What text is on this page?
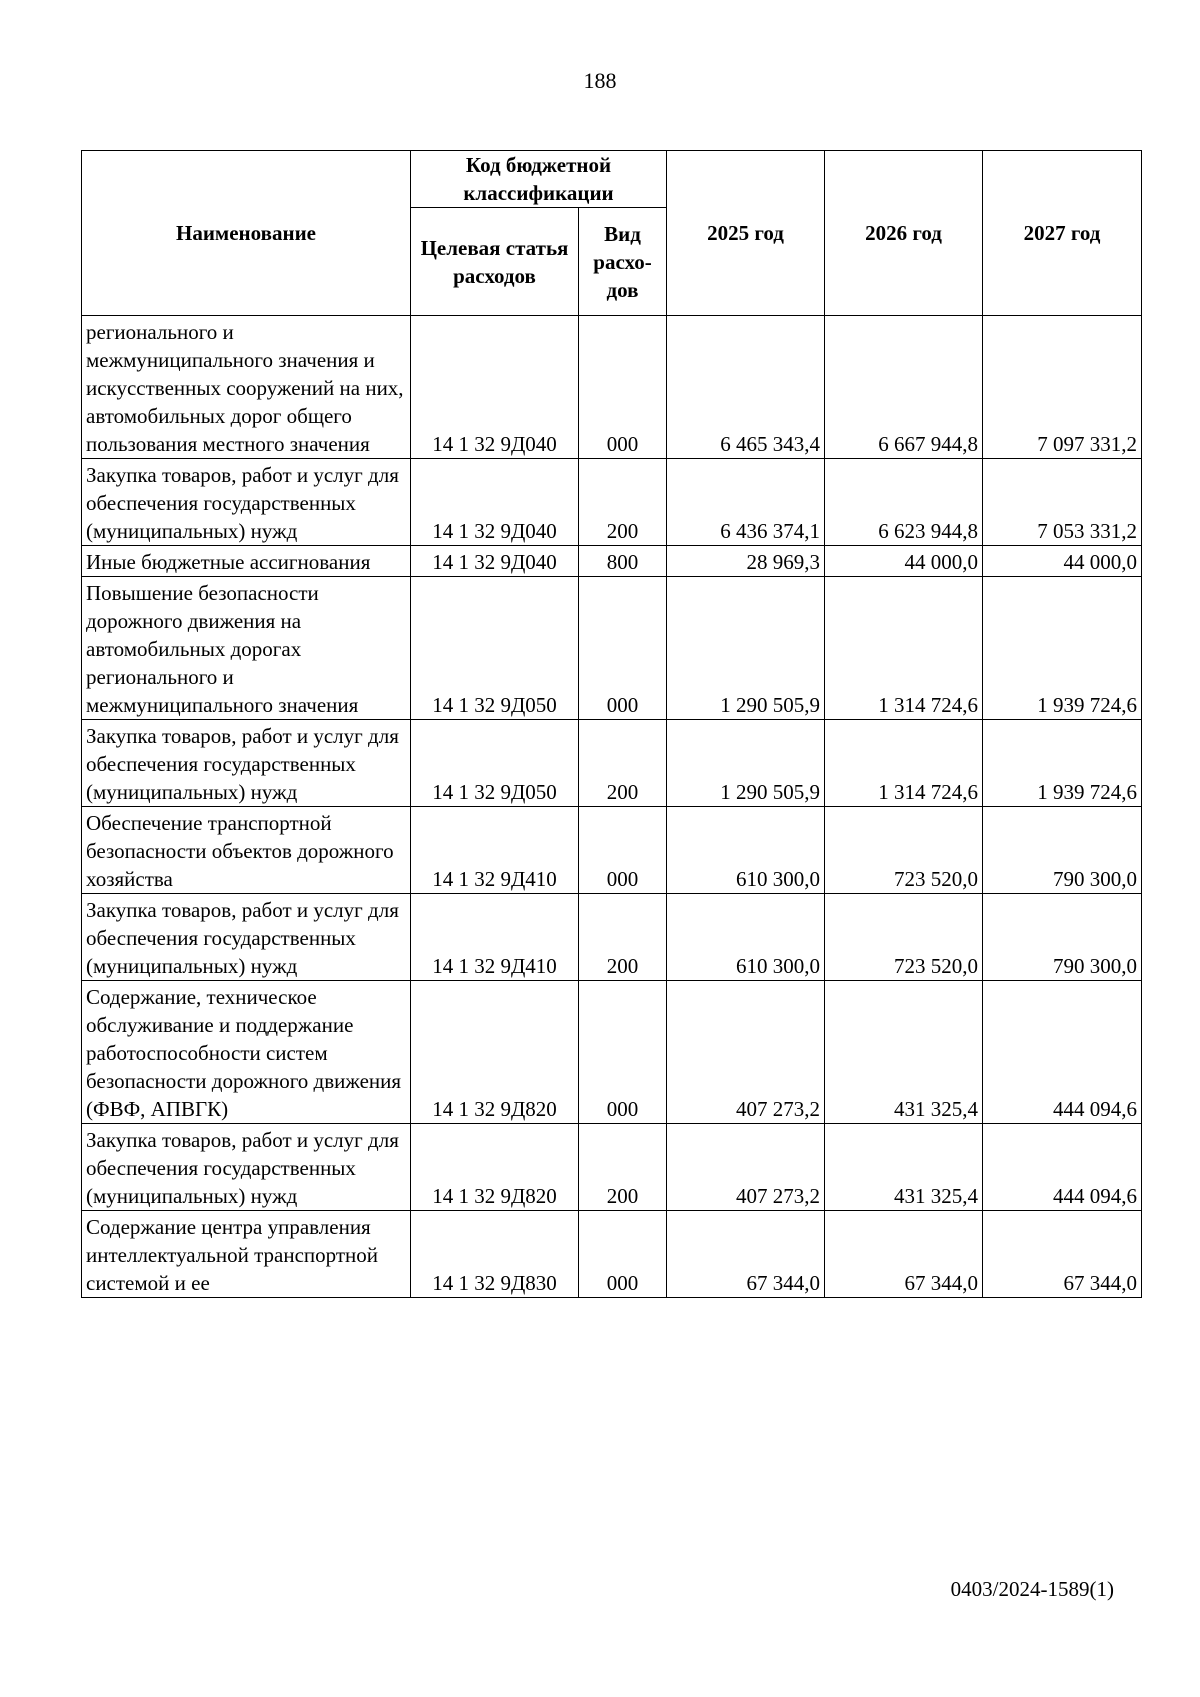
188
Наименование	Код бюджетной классификации		2025 год	2026 год	2027 год
	Целевая статья расходов	Вид расхо-дов			
регионального и межмуниципального значения и искусственных сооружений на них, автомобильных дорог общего пользования местного значения	14 1 32 9Д040	000	6 465 343,4	6 667 944,8	7 097 331,2
Закупка товаров, работ и услуг для обеспечения государственных (муниципальных) нужд	14 1 32 9Д040	200	6 436 374,1	6 623 944,8	7 053 331,2
Иные бюджетные ассигнования	14 1 32 9Д040	800	28 969,3	44 000,0	44 000,0
Повышение безопасности дорожного движения на автомобильных дорогах регионального и межмуниципального значения	14 1 32 9Д050	000	1 290 505,9	1 314 724,6	1 939 724,6
Закупка товаров, работ и услуг для обеспечения государственных (муниципальных) нужд	14 1 32 9Д050	200	1 290 505,9	1 314 724,6	1 939 724,6
Обеспечение транспортной безопасности объектов дорожного хозяйства	14 1 32 9Д410	000	610 300,0	723 520,0	790 300,0
Закупка товаров, работ и услуг для обеспечения государственных (муниципальных) нужд	14 1 32 9Д410	200	610 300,0	723 520,0	790 300,0
Содержание, техническое обслуживание и поддержание работоспособности систем безопасности дорожного движения (ФВФ, АПВГК)	14 1 32 9Д820	000	407 273,2	431 325,4	444 094,6
Закупка товаров, работ и услуг для обеспечения государственных (муниципальных) нужд	14 1 32 9Д820	200	407 273,2	431 325,4	444 094,6
Содержание центра управления интеллектуальной транспортной системой и ее	14 1 32 9Д830	000	67 344,0	67 344,0	67 344,0
0403/2024-1589(1)
